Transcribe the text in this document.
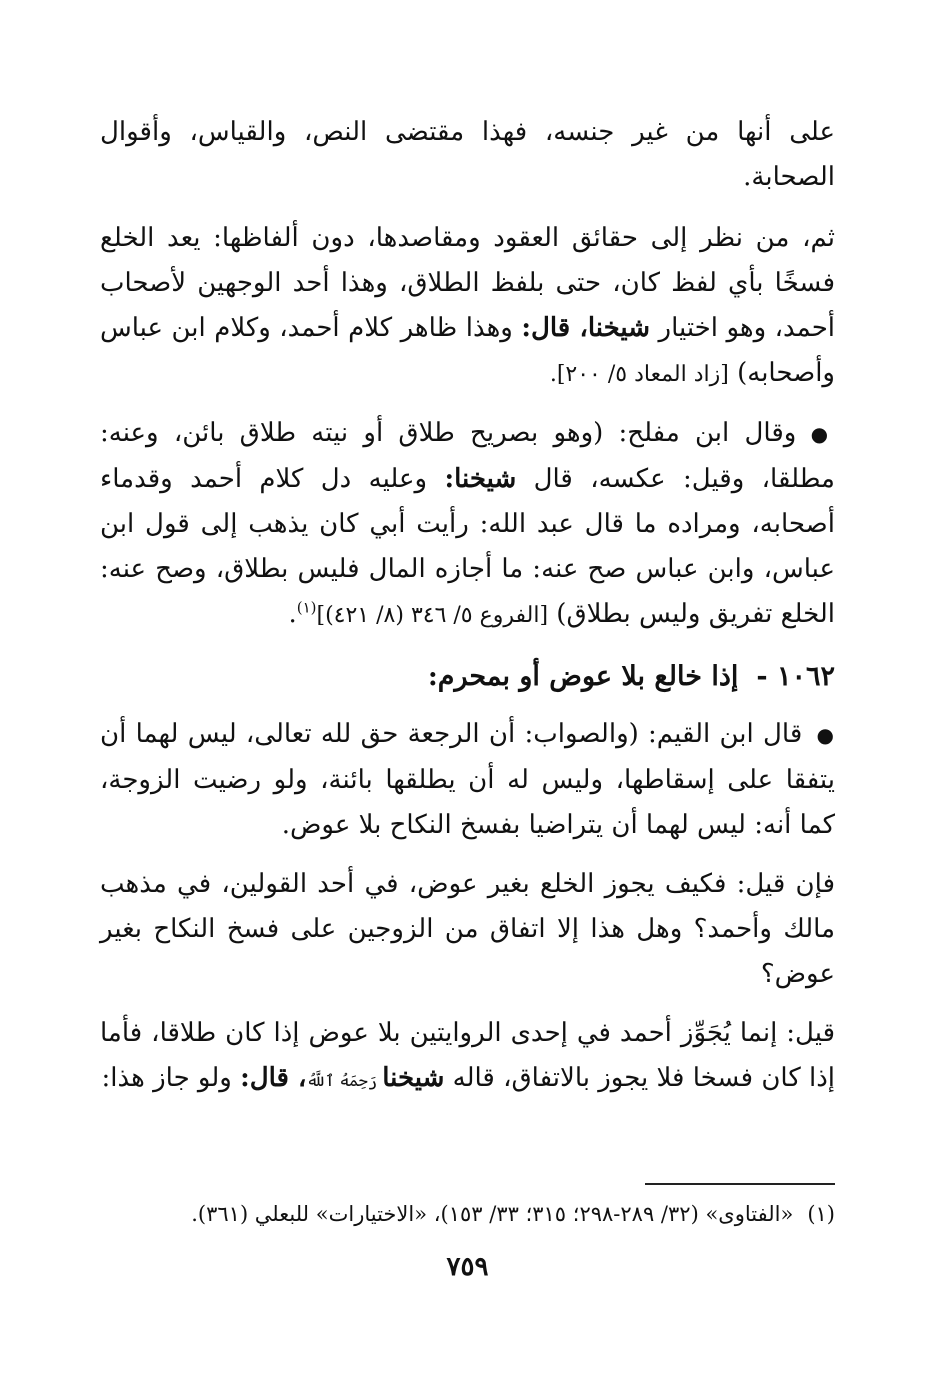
على أنها من غير جنسه، فهذا مقتضى النص، والقياس، وأقوال الصحابة.

ثم، من نظر إلى حقائق العقود ومقاصدها، دون ألفاظها: يعد الخلع فسخًا بأي لفظ كان، حتى بلفظ الطلاق، وهذا أحد الوجهين لأصحاب أحمد، وهو اختيار شيخنا، قال: وهذا ظاهر كلام أحمد، وكلام ابن عباس وأصحابه) [زاد المعاد ٥/ ٢٠٠].

● وقال ابن مفلح: (وهو بصريح طلاق أو نيته طلاق بائن، وعنه: مطلقا، وقيل: عكسه، قال شيخنا: وعليه دل كلام أحمد وقدماء أصحابه، ومراده ما قال عبد الله: رأيت أبي كان يذهب إلى قول ابن عباس، وابن عباس صح عنه: ما أجازه المال فليس بطلاق، وصح عنه: الخلع تفريق وليس بطلاق) [الفروع ٥/ ٣٤٦ (٨/ ٤٢١)]$^{(١)}$.

١٠٦٢ -إذا خالع بلا عوض أو بمحرم:

● قال ابن القيم: (والصواب: أن الرجعة حق لله تعالى، ليس لهما أن يتفقا على إسقاطها، وليس له أن يطلقها بائنة، ولو رضيت الزوجة، كما أنه: ليس لهما أن يتراضيا بفسخ النكاح بلا عوض.

فإن قيل: فكيف يجوز الخلع بغير عوض، في أحد القولين، في مذهب مالك وأحمد؟ وهل هذا إلا اتفاق من الزوجين على فسخ النكاح بغير عوض؟

قيل: إنما يُجَوِّز أحمد في إحدى الروايتين بلا عوض إذا كان طلاقا، فأما إذا كان فسخا فلا يجوز بالاتفاق، قاله شيخنا رَحِمَهُ ٱللَّهُ، قال: ولو جاز هذا:

(١)«الفتاوى» (٣٢/ ٢٨٩-٢٩٨؛ ٣١٥؛ ٣٣/ ١٥٣)، «الاختيارات» للبعلي (٣٦١).
٧٥٩
